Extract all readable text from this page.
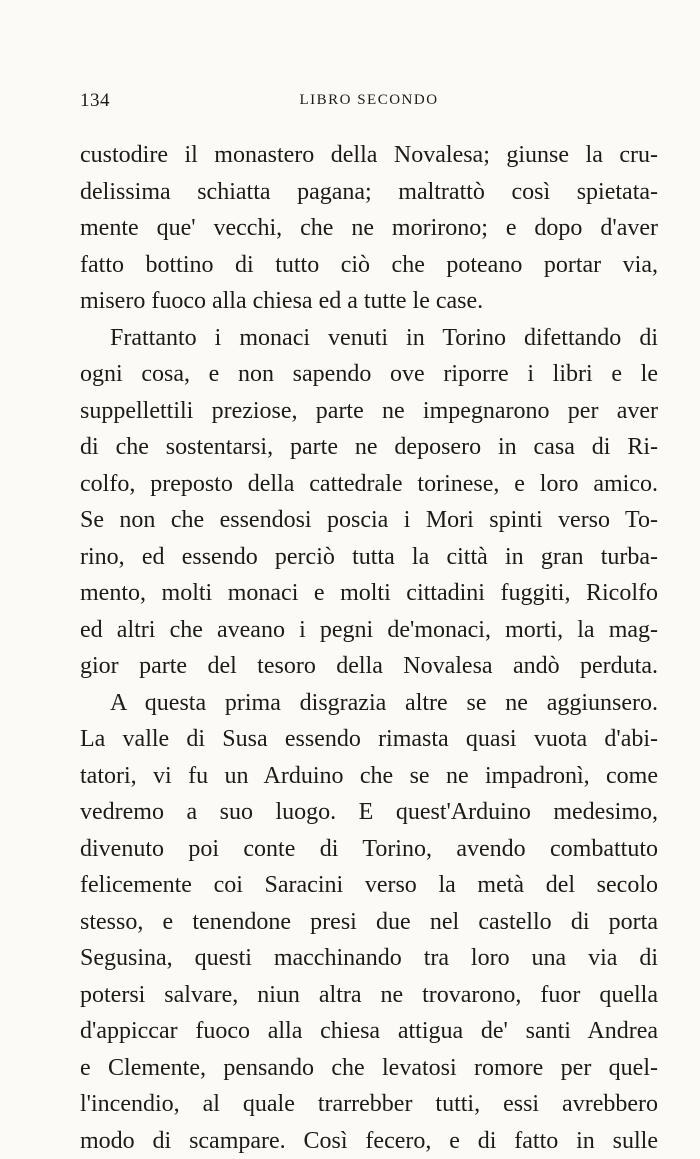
134	LIBRO SECONDO
custodire il monastero della Novalesa; giunse la cru-
delissima schiatta pagana; maltrattò così spietata-
mente que' vecchi, che ne morirono; e dopo d'aver
fatto bottino di tutto ciò che poteano portar via,
misero fuoco alla chiesa ed a tutte le case.
Frattanto i monaci venuti in Torino difettando di
ogni cosa, e non sapendo ove riporre i libri e le
suppellettili preziose, parte ne impegnarono per aver
di che sostentarsi, parte ne deposero in casa di Ri-
colfo, preposto della cattedrale torinese, e loro amico.
Se non che essendosi poscia i Mori spinti verso To-
rino, ed essendo perciò tutta la città in gran turba-
mento, molti monaci e molti cittadini fuggiti, Ricolfo
ed altri che aveano i pegni de'monaci, morti, la mag-
gior parte del tesoro della Novalesa andò perduta.
A questa prima disgrazia altre se ne aggiunsero.
La valle di Susa essendo rimasta quasi vuota d'abi-
tatori, vi fu un Arduino che se ne impadronì, come
vedremo a suo luogo. E quest'Arduino medesimo,
divenuto poi conte di Torino, avendo combattuto
felicemente coi Saracini verso la metà del secolo
stesso, e tenendone presi due nel castello di porta
Segusina, questi macchinando tra loro una via di
potersi salvare, niun altra ne trovarono, fuor quella
d'appiccar fuoco alla chiesa attigua de' santi Andrea
e Clemente, pensando che levatosi romore per quel-
l'incendio, al quale trarrebber tutti, essi avrebbero
modo di scampare. Così fecero, e di fatto in sulle
